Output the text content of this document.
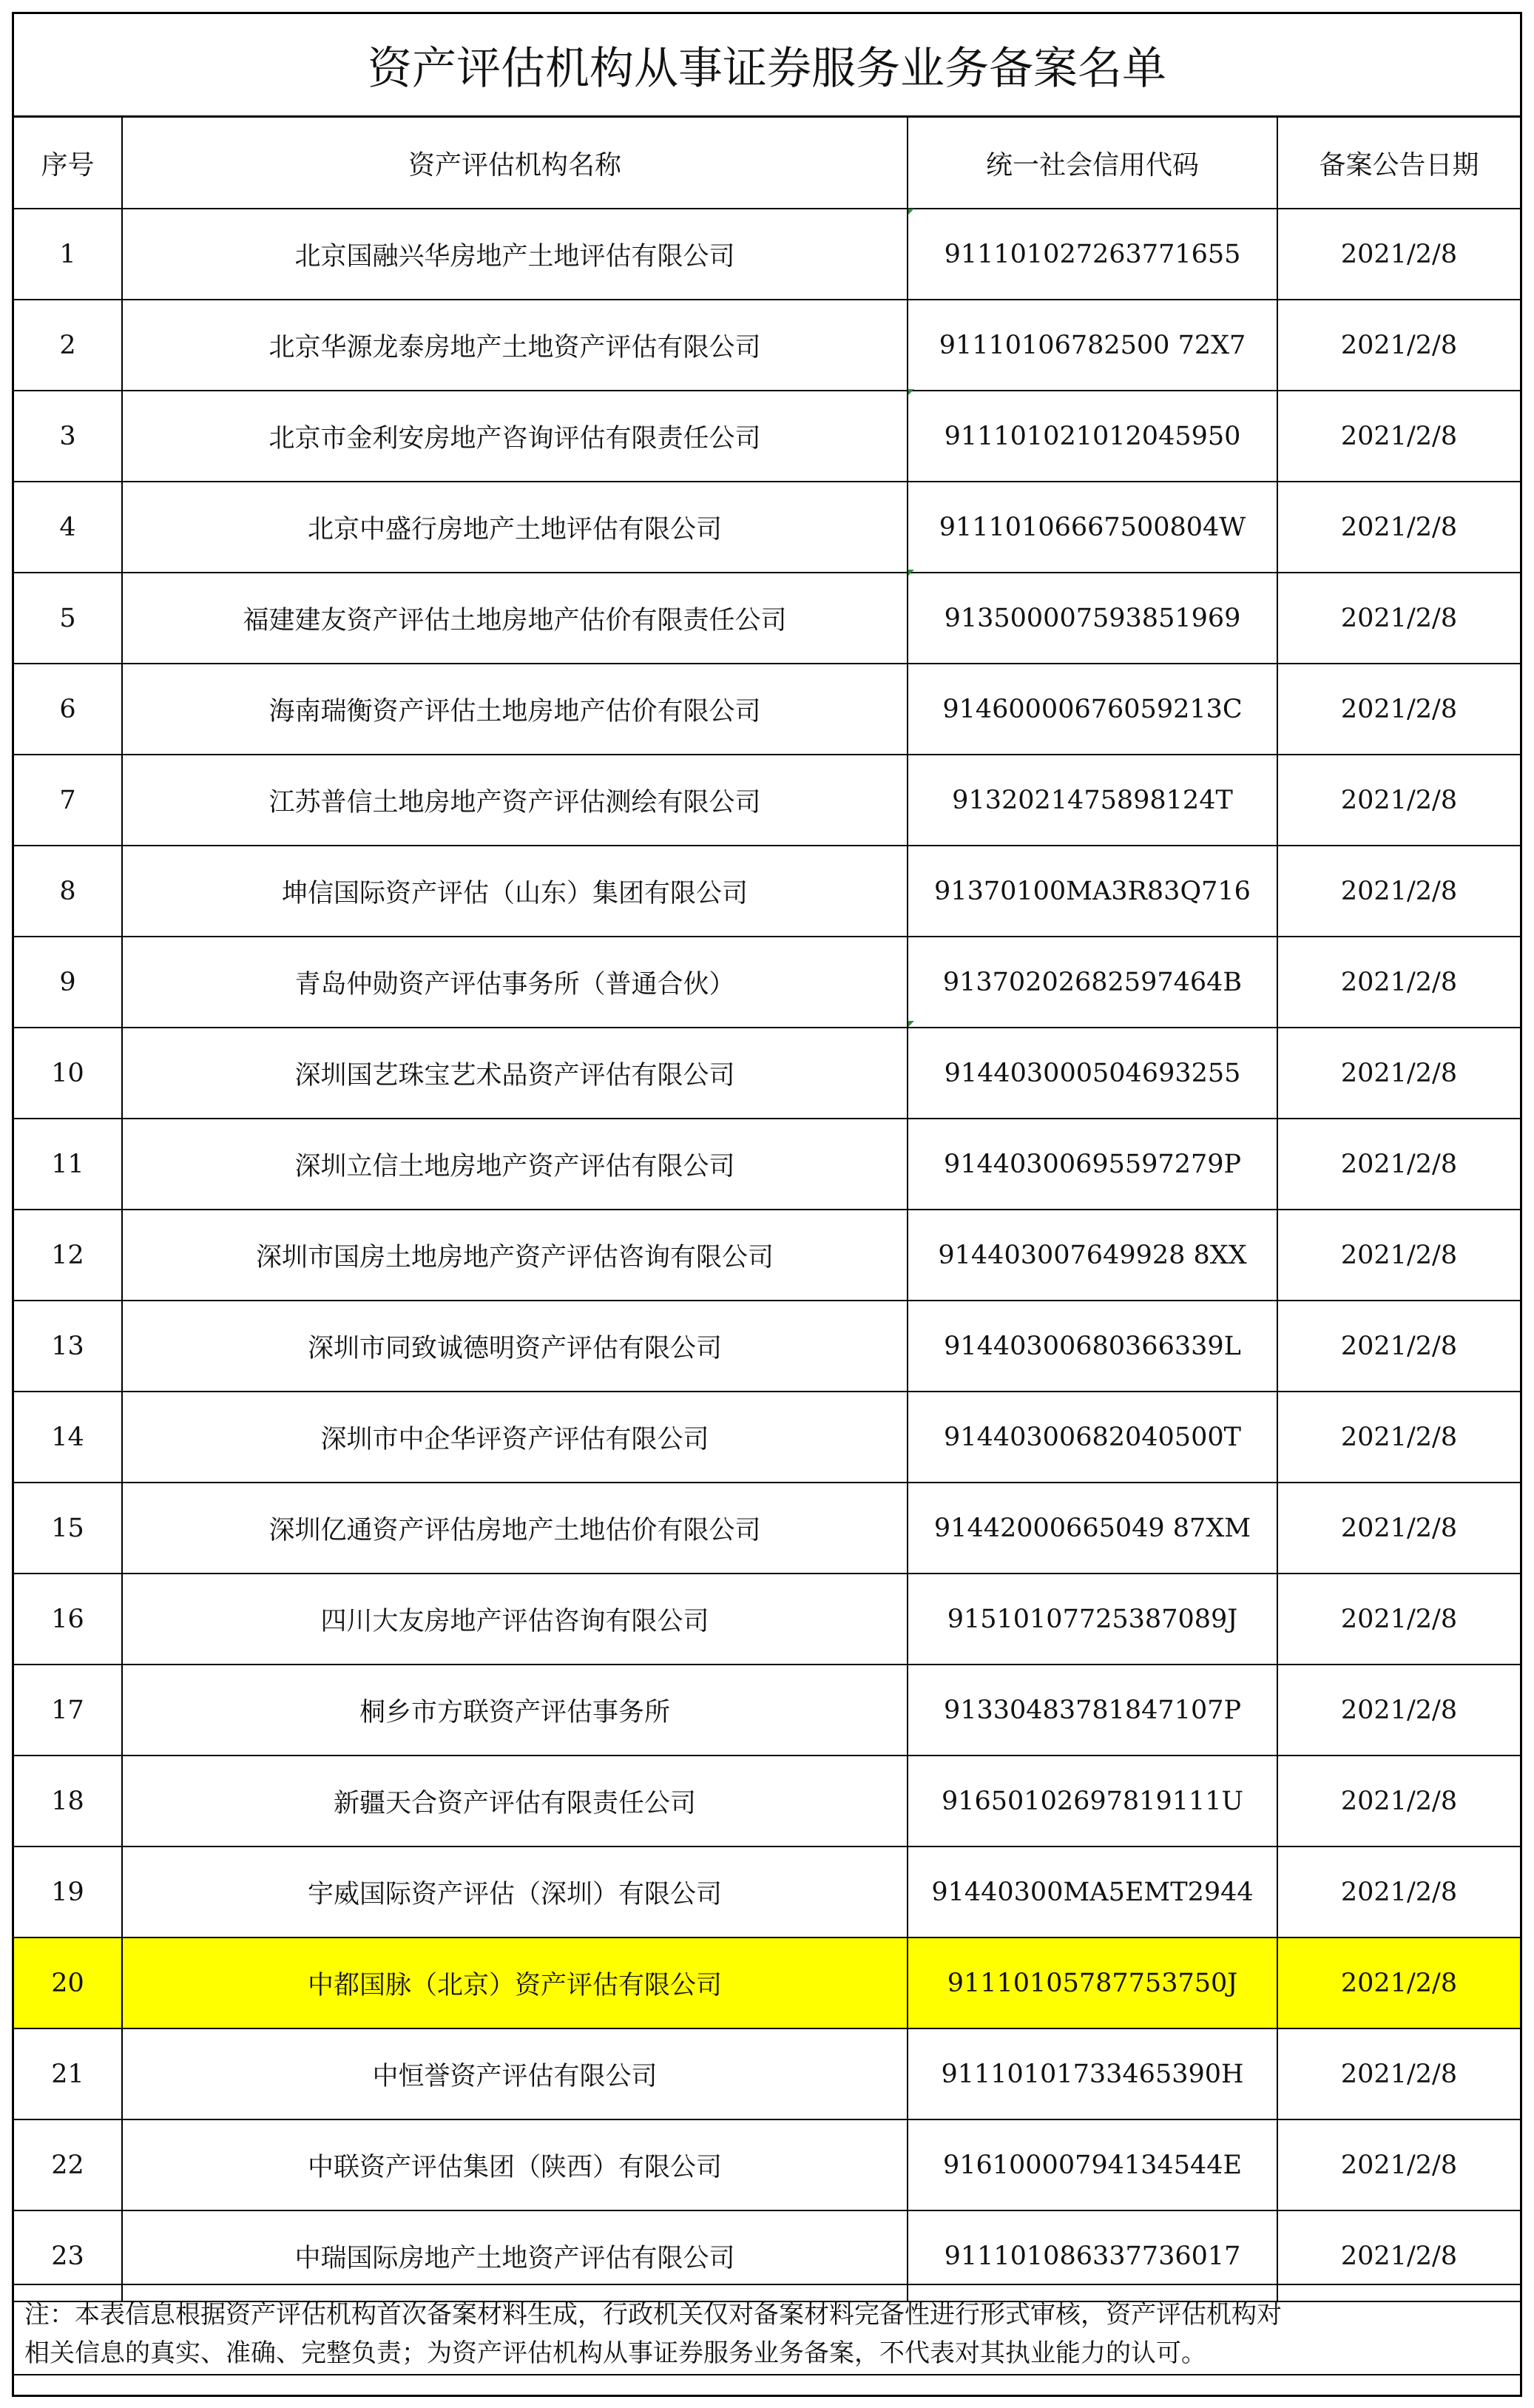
资产评估机构从事证券服务业务备案名单
序号	资产评估机构名称	统一社会信用代码	备案公告日期
1	北京国融兴华房地产土地评估有限公司	911101027263771655	2021/2/8
2	北京华源龙泰房地产土地资产评估有限公司	91110106782500 72X7	2021/2/8
3	北京市金利安房地产咨询评估有限责任公司	911101021012045950	2021/2/8
4	北京中盛行房地产土地评估有限公司	91110106667500804W	2021/2/8
5	福建建友资产评估土地房地产估价有限责任公司	913500007593851969	2021/2/8
6	海南瑞衡资产评估土地房地产估价有限公司	91460000676059213C	2021/2/8
7	江苏普信土地房地产资产评估测绘有限公司	9132021475898124T	2021/2/8
8	坤信国际资产评估（山东）集团有限公司	91370100MA3R83Q716	2021/2/8
9	青岛仲勋资产评估事务所（普通合伙）	91370202682597464B	2021/2/8
10	深圳国艺珠宝艺术品资产评估有限公司	914403000504693255	2021/2/8
11	深圳立信土地房地产资产评估有限公司	91440300695597279P	2021/2/8
12	深圳市国房土地房地产资产评估咨询有限公司	914403007649928 8XX	2021/2/8
13	深圳市同致诚德明资产评估有限公司	91440300680366339L	2021/2/8
14	深圳市中企华评资产评估有限公司	91440300682040500T	2021/2/8
15	深圳亿通资产评估房地产土地估价有限公司	91442000665049 87XM	2021/2/8
16	四川大友房地产评估咨询有限公司	91510107725387089J	2021/2/8
17	桐乡市方联资产评估事务所	91330483781847107P	2021/2/8
18	新疆天合资产评估有限责任公司	91650102697819111U	2021/2/8
19	宇威国际资产评估（深圳）有限公司	91440300MA5EMT2944	2021/2/8
20	中都国脉（北京）资产评估有限公司	91110105787753750J	2021/2/8
21	中恒誉资产评估有限公司	91110101733465390H	2021/2/8
22	中联资产评估集团（陕西）有限公司	91610000794134544E	2021/2/8
23	中瑞国际房地产土地资产评估有限公司	911101086337736017	2021/2/8
注：本表信息根据资产评估机构首次备案材料生成，行政机关仅对备案材料完备性进行形式审核，资产评估机构对
相关信息的真实、准确、完整负责；为资产评估机构从事证券服务业务备案，不代表对其执业能力的认可。
